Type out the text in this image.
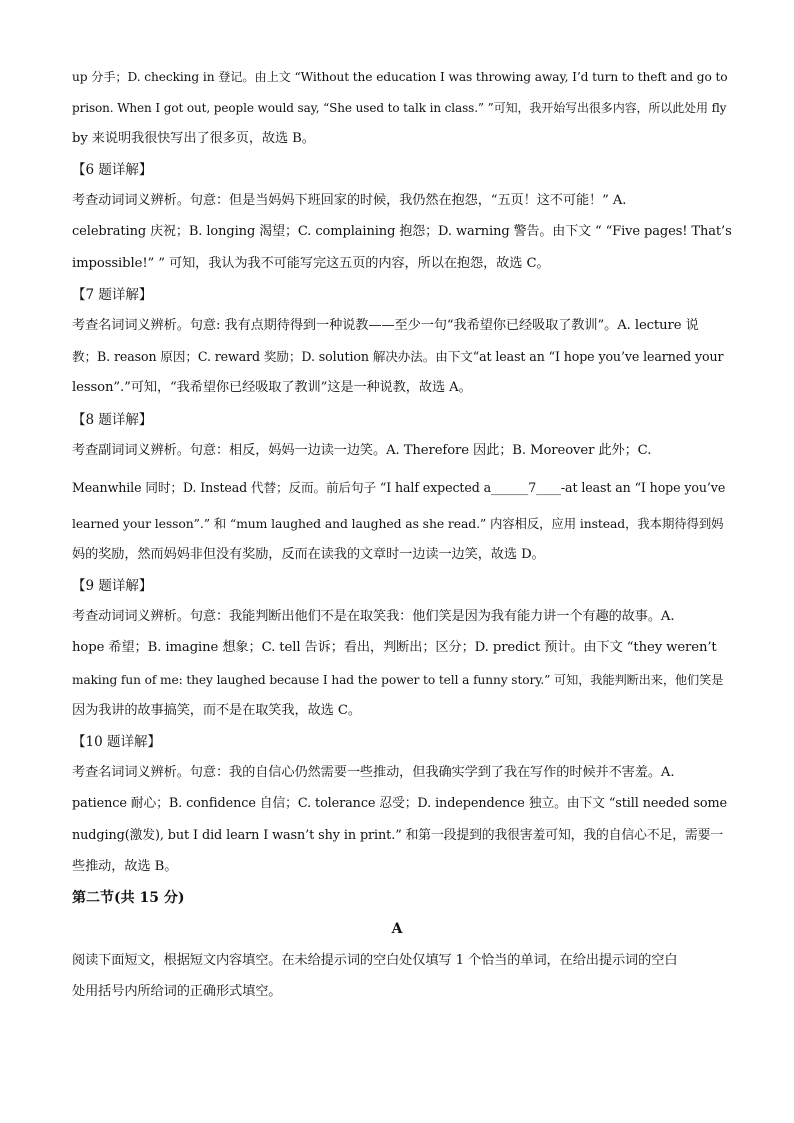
up 分手；D. checking in 登记。由上文 “Without the education I was throwing away, I’d turn to theft and go to
prison. When I got out, people would say, “She used to talk in class.” ”可知，我开始写出很多内容，所以此处用 fly
by 来说明我很快写出了很多页，故选 B。
【6 题详解】
考查动词词义辨析。句意：但是当妈妈下班回家的时候，我仍然在抱怨，“五页！这不可能！” A.
celebrating 庆祝；B. longing 渴望；C. complaining 抱怨；D. warning 警告。由下文 “ “Five pages! That’s
impossible!” ” 可知，我认为我不可能写完这五页的内容，所以在抱怨，故选 C。
【7 题详解】
考查名词词义辨析。句意: 我有点期待得到一种说教——至少一句“我希望你已经吸取了教训”。A. lecture 说
教；B. reason 原因；C. reward 奖励；D. solution 解决办法。由下文“at least an “I hope you’ve learned your
lesson”.”可知，“我希望你已经吸取了教训”这是一种说教，故选 A。
【8 题详解】
考查副词词义辨析。句意：相反，妈妈一边读一边笑。A. Therefore 因此；B. Moreover 此外；C.
Meanwhile 同时；D. Instead 代替；反而。前后句子 “I half expected a______7____-at least an “I hope you’ve
learned your lesson”.” 和 “mum laughed and laughed as she read.” 内容相反，应用 instead，我本期待得到妈
妈的奖励，然而妈妈非但没有奖励，反而在读我的文章时一边读一边笑，故选 D。
【9 题详解】
考查动词词义辨析。句意：我能判断出他们不是在取笑我：他们笑是因为我有能力讲一个有趣的故事。A.
hope 希望；B. imagine 想象；C. tell 告诉；看出，判断出；区分；D. predict 预计。由下文 “they weren’t
making fun of me: they laughed because I had the power to tell a funny story.” 可知，我能判断出来，他们笑是
因为我讲的故事搞笑，而不是在取笑我，故选 C。
【10 题详解】
考查名词词义辨析。句意：我的自信心仍然需要一些推动，但我确实学到了我在写作的时候并不害羞。A.
patience 耐心；B. confidence 自信；C. tolerance 忍受；D. independence 独立。由下文 “still needed some
nudging(激发), but I did learn I wasn’t shy in print.” 和第一段提到的我很害羞可知，我的自信心不足，需要一
些推动，故选 B。
第二节(共 15 分)
A
阅读下面短文，根据短文内容填空。在未给提示词的空白处仅填写 1 个恰当的单词，在给出提示词的空白
处用括号内所给词的正确形式填空。
